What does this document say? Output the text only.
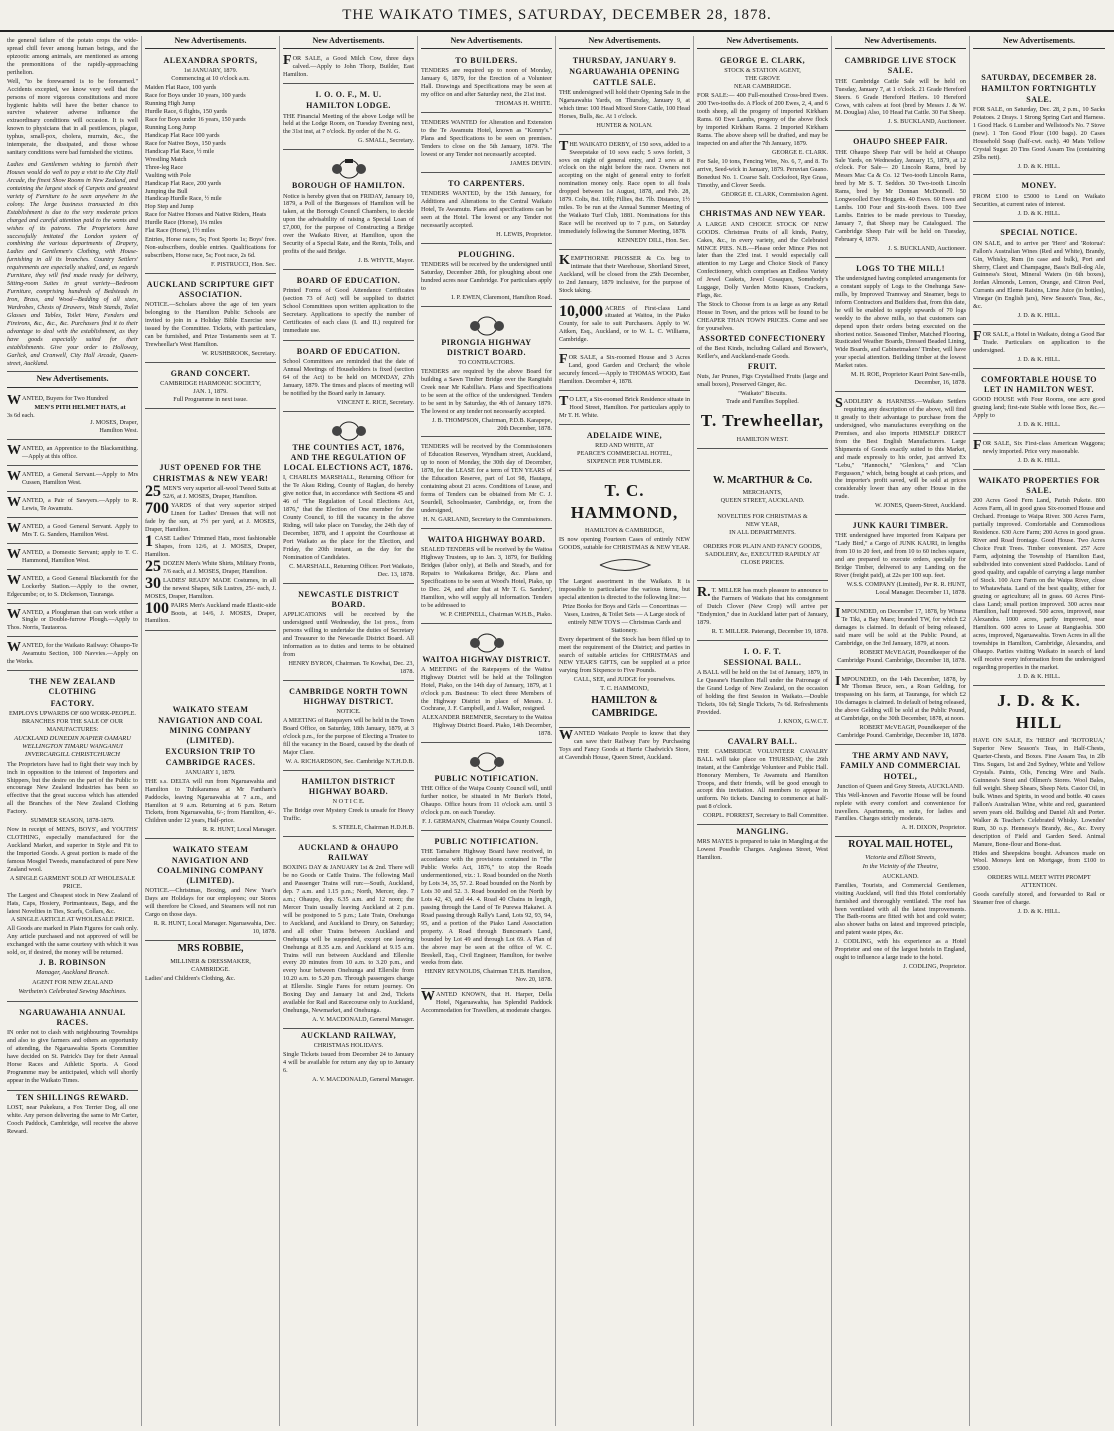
THE WAIKATO TIMES, SATURDAY, DECEMBER 28, 1878.

the general failure of the potato crops the wide-spread chill fever among human beings, and the epizootic among animals, are mentioned as among the premonitions of the rapidly-approaching perihelion.

Well, "to be forewarned is to be forearmed." Accidents excepted, we know very well that the persons of more vigorous constitutions and more hygienic habits will have the better chance to survive whatever adverse influence the extraordinary conditions will occasion. It is well known to physicians that in all pestilences, plague, typhus, small-pox, cholera, murrain, &c., the intemperate, the dissipated, and those whose sanitary conditions were bad furnished the victims.

Ladies and Gentlemen wishing to furnish their Houses would do well to pay a visit to the City Hall Arcade, the finest Show Rooms in New Zealand, and containing the largest stock of Carpets and greatest variety of Furniture to be seen anywhere in the colony. The large business transacted in this Establishment is due to the very moderate prices charged and careful attention paid to the wants and wishes of its patrons. The Proprietors have successfully imitated the London system of combining the various departments of Drapery, Ladies and Gentlemen's Clothing, with House-furnishing in all its branches. Country Settlers' requirements are especially studied, and, as regards Furniture, they will find made ready for delivery, Sitting-room Suites in great variety—Bedroom Furniture, comprising hundreds of Bedsteads in Iron, Brass, and Wood—Bedding of all sizes, Wardrobes, Chests of Drawers, Wash Stands, Toilet Glasses and Tables, Toilet Ware, Fenders and Fireirons, &c., &c., &c. Purchasers find it to their advantage to deal with the establishment, as they have goods especially suited for their establishments. Give your order to Holloway, Garlick, and Cranwell, City Hall Arcade, Queen-street, Auckland.

New Advertisements.

WANTED, Buyers for Two Hundred

MEN'S PITH HELMET HATS, at
3s 6d each.
J. MOSES, Draper,
Hamilton West.

WANTED, an Apprentice to the Blacksmithing.—Apply at this office.

WANTED, a General Servant.—Apply to Mrs Cussen, Hamilton West.

WANTED, a Pair of Sawyers.—Apply to R. Lewis, Te Awamutu.

WANTED, a Good General Servant. Apply to Mrs T. G. Sanders, Hamilton West.

WANTED, a Domestic Servant; apply to T. C. Hammond, Hamilton West.

WANTED, a Good General Blacksmith for the Lockerby Station.—Apply to the owner, Edgecumbe; or, to S. Dickenson, Tauranga.

WANTED, a Ploughman that can work either a Single or Double-furrow Plough.—Apply to Thos. Norris, Tautaoroa.

WANTED, for the Waikato Railway: Ohaupo-Te Awamutu Section, 100 Navvies.—Apply on the Works.

THE NEW ZEALAND CLOTHING
FACTORY.
EMPLOYS UPWARDS OF 600 WORK-PEOPLE.
BRANCHES FOR THE SALE OF OUR MANUFACTURES:
AUCKLAND DUNEDIN NAPIER OAMARU WELLINGTON TIMARU WANGANUI INVERCARGILL CHRISTCHURCH

The Proprietors have had to fight their way inch by inch in opposition to the interest of Importers and Shippers, but the desire on the part of the Public to encourage New Zealand Industries has been so effective that the great success which has attended all the Branches of the New Zealand Clothing Factory.

SUMMER SEASON, 1878-1879.

Now in receipt of MEN'S, BOYS', and YOUTHS' CLOTHING, especially manufactured for the Auckland Market, and superior in Style and Fit to the Imported Goods. A great portion is made of the famous Mosgiel Tweeds, manufactured of pure New Zealand wool.

A SINGLE GARMENT SOLD AT WHOLESALE PRICE.

The Largest and Cheapest stock in New Zealand of Hats, Caps, Hosiery, Portmanteaux, Bags, and the latest Novelties in Ties, Scarfs, Collars, &c.

A SINGLE ARTICLE AT WHOLESALE PRICE.

All Goods are marked in Plain Figures for cash only. Any article purchased and not approved of will be exchanged with the same courtesy with which it was sold, or, if desired, the money will be returned.

J. B. ROBINSON
Manager, Auckland Branch.
AGENT FOR NEW ZEALAND
Wertheim's Celebrated Sewing Machines.
NGARUAWAHIA ANNUAL RACES.

IN order not to clash with neighbouring Townships and also to give farmers and others an opportunity of attending, the Ngaruawahia Sports Committee have decided on St. Patrick's Day for their Annual Horse Races and Athletic Sports. A Good Programme may be anticipated, which will shortly appear in the Waikato Times.

TEN SHILLINGS REWARD.

LOST, near Pukekura, a Fox Terrier Dog, all one white. Any person delivering the same to Mr Carter, Cooch Paddock, Cambridge, will receive the above Reward.

New Advertisements.
ALEXANDRA SPORTS,
1st JANUARY, 1879.
Commencing at 10 o'clock a.m.

Maiden Flat Race, 100 yards
Race for Boys under 10 years, 100 yards
Running High Jump
Hurdle Race, 6 flights, 150 yards
Race for Boys under 16 years, 150 yards
Running Long Jump
Handicap Flat Race 100 yards
Race for Native Boys, 150 yards
Handicap Flat Race, ½ mile
Wrestling Match
Three-leg Race
Vaulting with Pole
Handicap Flat Race, 200 yards
Jumping the Bull
Handicap Hurdle Race, ½ mile
Hop Step and Jump
Race for Native Horses and Native Riders, Heats
Hurdle Race (Horse), 1¼ miles
Flat Race (Horse), 1½ miles

Entries, Horse races, 5s; Foot Sports 1s; Boys' free. Non-subscribers, double entries. Qualifications for subscribers, Horse race, 5s; Foot race, 2s 6d.

F. PISTRUCCI, Hon. Sec.
AUCKLAND SCRIPTURE GIFT ASSOCIATION.

NOTICE.—Scholars above the age of ten years belonging to the Hamilton Public Schools are invited to join in a Holiday Bible Exercise now issued by the Committee. Tickets, with particulars, can be furnished, and Prize Testaments seen at T. Trewheellar's West Hamilton.

W. RUSHBROOK, Secretary.
GRAND CONCERT.
CAMBRIDGE HARMONIC SOCIETY,
JAN. 1, 1879.
Full Programme in next issue.
JUST OPENED FOR THE
CHRISTMAS & NEW YEAR!

25 MEN'S very superior all-wool Tweed Suits at 52/6, at J. MOSES, Draper, Hamilton.

700 YARDS of that very superior striped Linen for Ladies' Dresses that will not fade by the sun, at 7½ per yard, at J. MOSES, Draper, Hamilton.

1 CASE Ladies' Trimmed Hats, most fashionable Shapes, from 12/6, at J. MOSES, Draper, Hamilton.

25 DOZEN Men's White Shirts, Military Fronts, 7/6 each, at J. MOSES, Draper, Hamilton.

30 LADIES' READY MADE Costumes, in all the newest Shapes, Silk Lustres, 25/- each, J. MOSES, Draper, Hamilton.

100 PAIRS Men's Auckland made Elastic-side Boots, at 14/6, J. MOSES, Draper, Hamilton.

WAIKATO STEAM NAVIGATION AND COAL MINING COMPANY (LIMITED).
EXCURSION TRIP TO CAMBRIDGE RACES.
JANUARY 1, 1879.

THE s.s. DELTA will run from Ngaruawahia and Hamilton to Tuhikaramea at Mr Fantham's Paddocks, leaving Ngaruawahia at 7 a.m., and Hamilton at 9 a.m. Returning at 6 p.m. Return Tickets, from Ngaruawahia, 6/-; from Hamilton, 4/-. Children under 12 years, Half-price.

R. R. HUNT, Local Manager.
WAIKATO STEAM NAVIGATION AND COALMINING COMPANY (LIMITED).

NOTICE.—Christmas, Boxing, and New Year's Days are Holidays for our employees; our Stores will therefore be Closed, and Steamers will not run Cargo on those days.

R. R. HUNT, Local Manager. Ngaruawahia, Dec. 10, 1878.
MRS ROBBIE,
MILLINER & DRESSMAKER,
CAMBRIDGE.

Ladies' and Children's Clothing, &c.

New Advertisements.

FOR SALE, a Good Milch Cow, three days calved.—Apply to John Thorp, Builder, East Hamilton.

I. O. O. F., M. U.
HAMILTON LODGE.

THE Financial Meeting of the above Lodge will be held at the Lodge Room, on Tuesday Evening next, the 31st inst, at 7 o'clock. By order of the N. G.

G. SMALL, Secretary.
BOROUGH OF HAMILTON.

Notice is hereby given that on FRIDAY, January 10, 1879, a Poll of the Burgesses of Hamilton will be taken, at the Borough Council Chambers, to decide upon the advisability of raising a Special Loan of £7,000, for the purpose of Constructing a Bridge over the Waikato River, at Hamilton, upon the Security of a Special Rate, and the Rents, Tolls, and profits of the said Bridge.

J. B. WHYTE, Mayor.
BOARD OF EDUCATION.

Printed Forms of Good Attendance Certificates (section 73 of Act) will be supplied to district School Committees upon written application to the Secretary. Applications to specify the number of Certificates of each class (I. and II.) required for immediate use.

BOARD OF EDUCATION.

School Committees are reminded that the date of Annual Meetings of Householders is fixed (section 64 of the Act) to be held on MONDAY, 27th January, 1879. The times and places of meeting will be notified by the Board early in January.

VINCENT E. RICE, Secretary.
THE COUNTIES ACT, 1876, AND THE REGULATION OF LOCAL ELECTIONS ACT, 1876.

I, CHARLES MARSHALL, Returning Officer for the Te Akau Riding, County of Raglan, do hereby give notice that, in accordance with Sections 45 and 46 of "The Regulation of Local Elections Act, 1876," that the Election of One member for the County Council, to fill the vacancy in the above Riding, will take place on Tuesday, the 24th day of December, 1878, and I appoint the Courthouse at Port Waikato as the place for the Election, and Friday, the 20th instant, as the day for the Nomination of Candidates.

C. MARSHALL, Returning Officer. Port Waikato, Dec. 13, 1878.
NEWCASTLE DISTRICT BOARD.

APPLICATIONS will be received by the undersigned until Wednesday, the 1st prox., from persons willing to undertake the duties of Secretary and Treasurer to the Newcastle District Board. All information as to duties and terms to be obtained from

HENRY BYRON, Chairman. Te Kowhai, Dec. 23, 1878.
CAMBRIDGE NORTH TOWN HIGHWAY DISTRICT.
NOTICE.

A MEETING of Ratepayers will be held in the Town Board Office, on Saturday, 18th January, 1879, at 3 o'clock p.m., for the purpose of Electing a Trustee to fill the vacancy in the Board, caused by the death of Major Clare.

W. A. RICHARDSON, Sec. Cambridge N.T.H.D.B.
HAMILTON DISTRICT HIGHWAY BOARD.
N O T I C E.

The Bridge over Mystery Creek is unsafe for Heavy Traffic.

S. STEELE, Chairman H.D.H.B.
AUCKLAND & OHAUPO RAILWAY

BOXING DAY & JANUARY 1st & 2nd. There will be no Goods or Cattle Trains. The following Mail and Passenger Trains will run:—South, Auckland, dep. 7 a.m. and 1.15 p.m.; North, Mercer, dep. 7 a.m.; Ohaupo, dep. 6.35 a.m. and 12 noon; the Mercer Train usually leaving Auckland at 2 p.m. will be postponed to 5 p.m.; Late Train, Onehunga to Auckland, and Auckland to Drury, on Saturday; and all other Trains between Auckland and Onehunga will be suspended, except one leaving Onehunga at 8.35 a.m. and Auckland at 9.15 a.m. Trains will run between Auckland and Ellerslie every 20 minutes from 10 a.m. to 3.20 p.m., and every hour between Onehunga and Ellerslie from 10.20 a.m. to 5.20 p.m. Through passengers change at Ellerslie. Single Fares for return journey. On Boxing Day and January 1st and 2nd, Tickets available for Rail and Racecourse only to Auckland, Onehunga, Newmarket, and Onehunga.

A. V. MACDONALD, General Manager.
AUCKLAND RAILWAY,
CHRISTMAS HOLIDAYS.

Single Tickets issued from December 24 to January 4 will be available for return any day up to January 6.

A. V. MACDONALD, General Manager.
New Advertisements.
TO BUILDERS.

TENDERS are required up to noon of Monday, January 6, 1879, for the Erection of a Volunteer Hall. Drawings and Specifications may be seen at my office on and after Saturday next, the 21st inst.

THOMAS H. WHITE.

TENDERS WANTED for Alteration and Extension to the Te Awamutu Hotel, known as "Konny's." Plans and Specifications to be seen on premises. Tenders to close on the 5th January, 1879. The lowest or any Tender not necessarily accepted.

JAMES DEVIN.
TO CARPENTERS.

TENDERS WANTED, by the 15th January, for Additions and Alterations to the Central Waikato Hotel, Te Awamutu. Plans and specifications can be seen at the Hotel. The lowest or any Tender not necessarily accepted.

H. LEWIS, Proprietor.
PLOUGHING.

TENDERS will be received by the undersigned until Saturday, December 28th, for ploughing about one hundred acres near Cambridge. For particulars apply to

I. P. EWEN, Claremont, Hamilton Road.
PIRONGIA HIGHWAY DISTRICT BOARD.
TO CONTRACTORS.

TENDERS are required by the above Board for building a Sawn Timber Bridge over the Rangitahi Creek near Mr Kabillia's. Plans and Specifications to be seen at the office of the undersigned. Tenders to be sent in by Saturday, the 4th of January 1879. The lowest or any tender not necessarily accepted.

J. B. THOMPSON, Chairman, P.D.B. Karapepe, 20th December, 1878.

TENDERS will be received by the Commissioners of Education Reserves, Wyndham street, Auckland, up to noon of Monday, the 30th day of December, 1878, for the LEASE for a term of TEN YEARS of the Education Reserve, part of Lot 98, Hautapu, containing about 21 acres. Conditions of Lease, and forms of Tenders can be obtained from Mr C. J. Sourdell, Schoolmaster, Cambridge, or, from the undersigned,

H. N. GARLAND, Secretary to the Commissioners.
WAITOA HIGHWAY BOARD.

SEALED TENDERS will be received by the Waitoa Highway Trustees, up to Jan. 3, 1879, for Building Bridges (labor only), at Bells and Stead's, and for Repairs to Waikakarea Bridge, &c. Plans and Specifications to be seen at Wood's Hotel, Piako, up to Dec. 24, and after that at Mr T. G. Sanders', Hamilton, who will supply all information. Tenders to be addressed to

W. P. CHEPNELL, Chairman W.H.B., Piako.
WAITOA HIGHWAY DISTRICT.

A MEETING of the Ratepayers of the Waitoa Highway District will be held at the Tollington Hotel, Piako, on the 14th day of January, 1879, at 1 o'clock p.m. Business: To elect three Members of the Highway District in place of Messrs. J. Cochrane, J. F. Campbell, and J. Walker, resigned.

ALEXANDER BREMNER, Secretary to the Waitoa Highway District Board. Piako, 14th December, 1878.
PUBLIC NOTIFICATION.

THE Office of the Waipa County Council will, until further notice, be situated in Mr Burke's Hotel, Ohaupo. Office hours from 11 o'clock a.m. until 3 o'clock p.m. on each Tuesday.

F. J. GERMANN, Chairman Waipa County Council.
PUBLIC NOTIFICATION.

THE Tamahere Highway Board have received, in accordance with the provisions contained in "The Public Works Act, 1876," to stop the Roads undermentioned, viz.: 1. Road bounded on the North by Lots 34, 35, 57. 2. Road bounded on the North by Lots 30 and 52. 3. Road bounded on the North by Lots 42, 43, and 44. 4. Road 40 Chains in length, passing through the Land of Te Purewa Hakaiwi. A Road passing through Rally's Land, Lots 92, 93, 94, 95, and a portion of the Piako Land Association property. A Road through Buncsman's Land, bounded by Lot 49 and through Lot 69. A Plan of the above may be seen at the office of W. C. Breskell, Esq., Civil Engineer, Hamilton, for twelve weeks from date.

HENRY REYNOLDS, Chairman T.H.B. Hamilton, Nov. 20, 1878.

WANTED KNOWN, that H. Harper, Della Hotel, Ngaruawahia, has Splendid Paddock Accommodation for Travellers, at moderate charges.

New Advertisements.
THURSDAY, JANUARY 9.
NGARUAWAHIA OPENING CATTLE SALE.

THE undersigned will hold their Opening Sale in the Ngaruawahia Yards, on Thursday, January 9, at which time: 100 Head Mixed Store Cattle, 100 Head Horses, Bulls, &c. At 1 o'clock.

HUNTER & NOLAN.

THE WAIKATO DERBY, of 150 sovs, added to a Sweepstake of 10 sovs each; 5 sovs forfeit, 3 sovs on night of general entry, and 2 sovs at 8 o'clock on the night before the race. Owners not accepting on the night of general entry to forfeit nomination money only. Race open to all foals dropped between 1st August, 1878, and Feb. 28, 1879. Colts, 8st. 10lb; Fillies, 8st. 7lb. Distance, 1½ miles. To be run at the Annual Summer Meeting of the Waikato Turf Club, 1881. Nominations for this Race will be received up to 7 p.m., on Saturday immediately following the Summer Meeting, 1878.

KENNEDY DILL, Hon. Sec.

KEMPTHORNE PROSSER & Co. beg to intimate that their Warehouse, Shortland Street, Auckland, will be closed from the 25th December, to 2nd January, 1879 inclusive, for the purpose of Stock taking.

10,000 ACRES of First-class Land situated at Waitoa, in the Piako County, for sale to suit Purchasers. Apply to W. Aitken, Esq., Auckland, or to W. L. C. Williams, Cambridge.

FOR SALE, a Six-roomed House and 3 Acres Land, good Garden and Orchard; the whole securely fenced.—Apply to THOMAS WOOD, East Hamilton. December 4, 1878.

TO LET, a Six-roomed Brick Residence situate in Hood Street, Hamilton. For particulars apply to Mr T. H. White.

ADELAIDE WINE,
RED AND WHITE, AT
PEARCE'S COMMERCIAL HOTEL,
SIXPENCE PER TUMBLER.
T. C. HAMMOND,
HAMILTON & CAMBRIDGE,

IS now opening Fourteen Cases of entirely NEW GOODS, suitable for CHRISTMAS & NEW YEAR.

The Largest assortment in the Waikato. It is impossible to particularise the various items, but special attention is directed to the following line:—

Prize Books for Boys and Girls — Concertinas — Vases, Lustres, & Toilet Sets — A Large stock of entirely NEW TOYS — Christmas Cards and Stationery.

Every department of the Stock has been filled up to meet the requirement of the District; and parties in search of suitable articles for CHRISTMAS and NEW YEAR'S GIFTS, can be supplied at a price varying from Sixpence to Five Pounds.

CALL, SEE, and JUDGE for yourselves.

T. C. HAMMOND,
HAMILTON & CAMBRIDGE.

WANTED Waikato People to know that they can save their Railway Fare by Purchasing Toys and Fancy Goods at Harrie Chadwick's Store, at Cavendish House, Queen Street, Auckland.

New Advertisements.
GEORGE E. CLARK,
STOCK & STATION AGENT,
THE GROVE
NEAR CAMBRIDGE.

FOR SALE:— 400 Full-mouthed Cross-bred Ewes. 200 Two-tooths do. A Flock of 200 Ewes, 2, 4, and 6 tooth sheep, all the progeny of imported Kirkham Rams. 60 Ewe Lambs, progeny of the above flock by imported Kirkham Rams. 2 Imported Kirkham Rams. The above sheep will be drafted, and may be inspected on and after the 7th January, 1879.

GEORGE E. CLARK.

For Sale, 10 tons, Fencing Wire, No. 6, 7, and 8. To arrive, Seed-wick in January, 1879. Peruvian Guano. Bonedust No. 1. Coarse Salt. Cocksfoot, Rye Grass, Timothy, and Clover Seeds.

GEORGE E. CLARK, Commission Agent.
CHRISTMAS AND NEW YEAR.

A LARGE AND CHOICE STOCK OF NEW GOODS. Christmas Fruits of all kinds, Pastry, Cakes, &c., in every variety, and the Celebrated MINCE PIES. N.B.—Please order Mince Pies not later than the 23rd inst. I would especially call attention to my Large and Choice Stock of Fancy Confectionery, which comprises an Endless Variety of Jewel Caskets, Jewel Cosaques, Somebody's Luggage, Dolly Varden Motto Kisses, Crackers, Flags, &c.

The Stock to Choose from is as large as any Retail House in Town, and the prices will be found to be CHEAPER THAN TOWN PRICES. Come and see for yourselves.

ASSORTED CONFECTIONERY

of the Best Kinds, including Callard and Bowser's, Keiller's, and Auckland-made Goods.

FRUIT.

Nuts, Jar Prunes, Figs Crystallised Fruits (large and small boxes), Preserved Ginger, &c.

"Waikato" Biscuits.
Trade and Families Supplied.
T. Trewheellar,
HAMILTON WEST.
W. McARTHUR & Co.
MERCHANTS,
QUEEN STREET, AUCKLAND.
NOVELTIES FOR CHRISTMAS &
NEW YEAR,
IN ALL DEPARTMENTS.

ORDERS FOR PLAIN AND FANCY GOODS, SADDLERY, &c, EXECUTED RAPIDLY AT CLOSE PRICES.

R.T. MILLER has much pleasure to announce to the Farmers of Waikato that his consignment of Dutch Clover (New Crop) will arrive per "Endymion," due in Auckland latter part of January, 1879.

R. T. MILLER. Paterangi, December 19, 1878.
I. O. F. T.
SESSIONAL BALL.

A BALL will be held on the 1st of January, 1879, in Le Queane's Hamilton Hall under the Patronage of the Grand Lodge of New Zealand, on the occasion of holding the first Session in Waikato.—Double Tickets, 10s 6d; Single Tickets, 7s 6d. Refreshments Provided.

J. KNOX, G.W.C.T.
CAVALRY BALL.

THE CAMBRIDGE VOLUNTEER CAVALRY BALL will take place on THURSDAY, the 26th instant, at the Cambridge Volunteer and Public Hall. Honorary Members, Te Awamutu and Hamilton Troops, and their friends, will be good enough to accept this invitation. All members to appear in uniform. No tickets. Dancing to commence at half-past 8 o'clock.

CORPL. FORREST, Secretary to Ball Committee.
MANGLING.

MRS MAYES is prepared to take in Mangling at the Lowest Possible Charges. Anglesea Street, West Hamilton.

New Advertisements.
CAMBRIDGE LIVE STOCK SALE.

THE Cambridge Cattle Sale will be held on Tuesday, January 7, at 1 o'clock. 21 Grade Hereford Steers. 6 Grade Hereford Heifers. 10 Hereford Cows, with calves at foot (bred by Messrs J. & W. M. Douglas) Also, 10 Head Fat Cattle. 30 Fat Sheep.

J. S. BUCKLAND, Auctioneer.
OHAUPO SHEEP FAIR.

THE Ohaupo Sheep Fair will be held at Ohaupo Sale Yards, on Wednesday, January 15, 1879, at 12 o'clock. For Sale— 20 Lincoln Rams, bred by Messrs Mac Ca & Co. 12 Two-tooth Lincoln Rams, bred by Mr S. T. Seddon. 30 Two-tooth Lincoln Rams, bred by Mr Donnan McDonnell. 50 Longwoolled Ewe Hoggetts. 40 Ewes. 60 Ewes and Lambs. 100 Four and Six-tooth Ewes. 100 Ewe Lambs. Entries to be made previous to Tuesday, January 7, that Sheep may be Catalogued. The Cambridge Sheep Fair will be held on Tuesday, February 4, 1879.

J. S. BUCKLAND, Auctioneer.
LOGS TO THE MILL!

The undersigned having completed arrangements for a constant supply of Logs to the Onehunga Saw-mills, by Improved Tramway and Steamer, begs to inform Contractors and Builders that, from this date, he will be enabled to supply upwards of 70 logs weekly to the above mills, so that customers can depend upon their orders being executed on the shortest notice. Seasoned Timber, Matched Flooring, Rusticated Weather Boards, Dressed Beaded Lining, Wide Boards, and Cabinetmakers' Timber, will have your special attention. Building timber at the lowest Market rates.

M. H. ROE, Proprietor Kauri Point Saw-mills, December, 16, 1878.

SADDLERY & HARNESS.—Waikato Settlers requiring any description of the above, will find it greatly to their advantage to purchase from the undersigned, who manufactures everything on the Premises, and also imports HIMSELF DIRECT from the Best English Manufacturers. Large Shipments of Goods exactly suited to this Market, and made expressly to his order, just arrived Ex "Lebu," "Hannochi," "Glenlora," and "Clan Fergusson," which, being bought at cash prices, and the importer's profit saved, will be sold at prices considerably lower than any other House in the trade.

W. JONES, Queen-Street, Auckland.
JUNK KAURI TIMBER.

THE undersigned have imported from Kaipara per "Lady Bird," a Cargo of JUNK KAURI, in lengths from 10 to 20 feet, and from 10 to 60 inches square, and are prepared to execute orders, specially for Bridge Timber, delivered to any Landing on the River (freight paid), at 22s per 100 sup. feet.

W.S.S. COMPANY (Limited), Per R. R. HUNT, Local Manager. December 11, 1878.

IMPOUNDED, on December 17, 1878, by Wirana Te Tiki, a Bay Mare; branded TW, for which £2 damages is claimed. In default of being released, said mare will be sold at the Public Pound, at Cambridge, on the 3rd January, 1879, at noon.

ROBERT McVEAGH, Poundkeeper of the Cambridge Pound. Cambridge, December 18, 1878.

IMPOUNDED, on the 14th December, 1878, by Mr Thomas Bruce, sen., a Roan Gelding, for trespassing on his farm, at Tauranga, for which £2 10s damages is claimed. In default of being released, the above Gelding will be sold at the Public Pound, at Cambridge, on the 30th December, 1878, at noon.

ROBERT McVEAGH, Poundkeeper of the Cambridge Pound. Cambridge, December 18, 1878.
THE ARMY AND NAVY, FAMILY AND COMMERCIAL HOTEL,
Junction of Queen and Grey Streets, AUCKLAND.

This Well-known and Favorite House will be found replete with every comfort and convenience for travellers. Apartments, en suite, for ladies and Families. Charges strictly moderate.

A. H. DIXON, Proprietor.
ROYAL MAIL HOTEL,
Victoria and Elliott Streets,
In the Vicinity of the Theatre,
AUCKLAND.

Families, Tourists, and Commercial Gentlemen, visiting Auckland, will find this Hotel comfortably furnished and thoroughly ventilated. The roof has been ventilated with all the latest improvements. The Bath-rooms are fitted with hot and cold water; also shower baths on latest and improved principle, and patent waste pipes, &c.

J. CODLING, with his experience as a Hotel Proprietor and one of the largest hotels in England, ought to influence a large trade to the hotel.

J. CODLING, Proprietor.
New Advertisements.
SATURDAY, DECEMBER 28.
HAMILTON FORTNIGHTLY SALE.

FOR SALE, on Saturday, Dec. 28, 2 p.m., 10 Sacks Potatoes. 2 Drays. 1 Strong Spring Cart and Harness. 1 Good Hack. 6 Lumber and Wellstood's No. 7 Stove (new). 1 Ton Good Flour (100 bags). 20 Cases Household Soap (half-cwt. each). 40 Mats Yellow Crystal Sugar. 20 Tins Good Assam Tea (containing 25lbs nett).

J. D. & K. HILL.
MONEY.

FROM £100 to £5000 to Lend on Waikato Securities, at current rates of interest.

J. D. & K. HILL.
SPECIAL NOTICE.

ON SALE, and to arrive per 'Hero' and 'Rotorua': Fallon's Australian Wines (Red and White), Brandy, Gin, Whisky, Rum (in case and bulk), Port and Sherry, Claret and Champagne, Bass's Bull-dog Ale, Guinness's Stout, Mineral Waters (in 6th boxes), Jordan Almonds, Lemon, Orange, and Citron Peel, Currants and Eleme Raisins, Lime Juice (in bottles), Vinegar (in English jars), New Season's Teas, &c., &c.

J. D. & K. HILL.

FOR SALE, a Hotel in Waikato, doing a Good Bar Trade. Particulars on application to the undersigned.

J. D. & K. HILL.
COMFORTABLE HOUSE TO LET IN HAMILTON WEST.

GOOD HOUSE with Four Rooms, one acre good grazing land; first-rate Stable with loose Box, &c.—Apply to

J. D. & K. HILL.

FOR SALE, Six First-class American Waggons; newly imported. Price very reasonable.

J. D. & K. HILL.
WAIKATO PROPERTIES FOR SALE.

200 Acres Good Fern Land, Parish Pukete. 800 Acres Farm, all in good grass Six-roomed House and Orchard. Frontage to Waipa River. 300 Acres Farm, partially improved. Comfortable and Commodious Residence. 630 Acre Farm; 200 Acres in good grass. River and Road frontage. Good House. Two Acres Choice Fruit Trees. Timber convenient. 257 Acre Farm, adjoining the Township of Hamilton East, subdivided into convenient sized Paddocks. Land of good quality, and capable of carrying a large number of Stock. 100 Acre Farm on the Waipa River, close to Whatawhata. Land of the best quality, either for grazing or agriculture; all in grass. 60 Acres First-class Land; small portion improved. 300 acres near Hamilton, half improved. 500 acres, improved, near Alexandra. 1000 acres, partly improved, near Hamilton. 600 acres to Lease at Rangiaohia. 300 acres, improved, Ngaruawahia. Town Acres in all the townships in Hamilton, Cambridge, Alexandra, and Ohaupo. Parties visiting Waikato in search of land will receive every information from the undersigned regarding properties in the market.

J. D. & K. HILL.
J. D. & K. HILL

HAVE ON SALE, Ex 'HERO' and 'ROTORUA,' Superior New Season's Teas, in Half-Chests, Quarter-Chests, and Boxes. Fine Assam Tea, in 2lb Tins. Sugars, 1st and 2nd Sydney, White and Yellow Crystals. Paints, Oils, Fencing Wire and Nails. Guinness's Stout and Ollmen's Stores. Wool Bales, full weight. Sheep Shears, Sheep Nets. Castor Oil, in bulk. Wines and Spirits, in wood and bottle. 40 cases Fallon's Australian Wine, white and red, guaranteed seven years old. Bulldog and Daniel Alt and Porter. Walker & Teacher's Celebrated Whisky. Lowndes' Rum, 30 o.p. Hennessy's Brandy, &c., &c. Every description of Field and Garden Seed. Animal Manure, Bone-flour and Bone-dust.

Hides and Sheepskins bought. Advances made on Wool. Moneys lent on Mortgage, from £100 to £5000.

ORDERS WILL MEET WITH PROMPT ATTENTION.

Goods carefully stored, and forwarded to Rail or Steamer free of charge.

J. D. & K. HILL.
